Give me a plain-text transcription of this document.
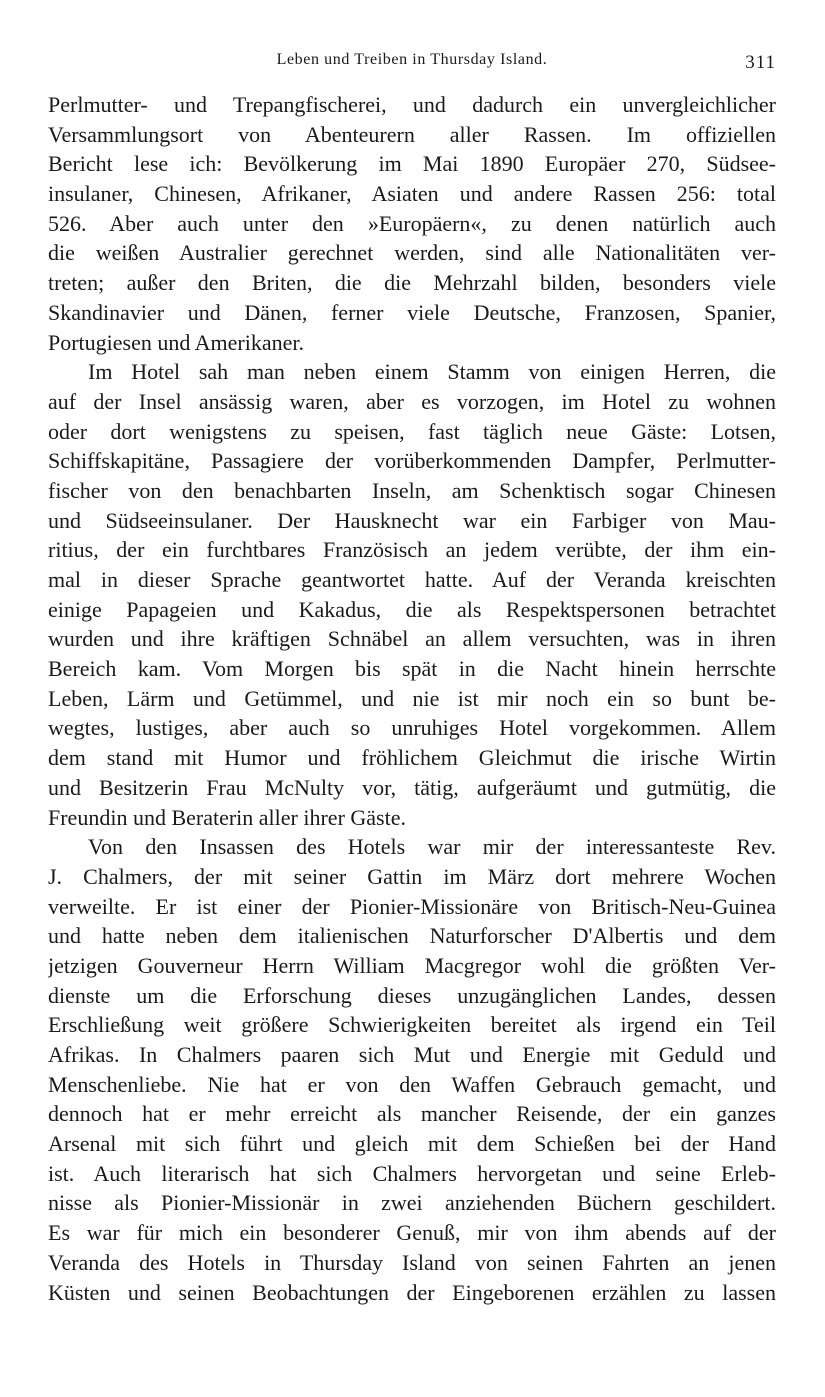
Leben und Treiben in Thursday Island.	311
Perlmutter- und Trepangfischerei, und dadurch ein unvergleichlicher
Versammlungsort von Abenteurern aller Rassen. Im offiziellen
Bericht lese ich: Bevölkerung im Mai 1890 Europäer 270, Südsee-
insulaner, Chinesen, Afrikaner, Asiaten und andere Rassen 256: total
526. Aber auch unter den »Europäern«, zu denen natürlich auch
die weißen Australier gerechnet werden, sind alle Nationalitäten ver-
treten; außer den Briten, die die Mehrzahl bilden, besonders viele
Skandinavier und Dänen, ferner viele Deutsche, Franzosen, Spanier,
Portugiesen und Amerikaner.
Im Hotel sah man neben einem Stamm von einigen Herren, die
auf der Insel ansässig waren, aber es vorzogen, im Hotel zu wohnen
oder dort wenigstens zu speisen, fast täglich neue Gäste: Lotsen,
Schiffskapitäne, Passagiere der vorüberkommenden Dampfer, Perlmutter-
fischer von den benachbarten Inseln, am Schenktisch sogar Chinesen
und Südseeinsulaner. Der Hausknecht war ein Farbiger von Mau-
ritius, der ein furchtbares Französisch an jedem verübte, der ihm ein-
mal in dieser Sprache geantwortet hatte. Auf der Veranda kreischten
einige Papageien und Kakadus, die als Respektspersonen betrachtet
wurden und ihre kräftigen Schnäbel an allem versuchten, was in ihren
Bereich kam. Vom Morgen bis spät in die Nacht hinein herrschte
Leben, Lärm und Getümmel, und nie ist mir noch ein so bunt be-
wegtes, lustiges, aber auch so unruhiges Hotel vorgekommen. Allem
dem stand mit Humor und fröhlichem Gleichmut die irische Wirtin
und Besitzerin Frau McNulty vor, tätig, aufgeräumt und gutmütig, die
Freundin und Beraterin aller ihrer Gäste.
Von den Insassen des Hotels war mir der interessanteste Rev.
J. Chalmers, der mit seiner Gattin im März dort mehrere Wochen
verweilte. Er ist einer der Pionier-Missionäre von Britisch-Neu-Guinea
und hatte neben dem italienischen Naturforscher D'Albertis und dem
jetzigen Gouverneur Herrn William Macgregor wohl die größten Ver-
dienste um die Erforschung dieses unzugänglichen Landes, dessen
Erschließung weit größere Schwierigkeiten bereitet als irgend ein Teil
Afrikas. In Chalmers paaren sich Mut und Energie mit Geduld und
Menschenliebe. Nie hat er von den Waffen Gebrauch gemacht, und
dennoch hat er mehr erreicht als mancher Reisende, der ein ganzes
Arsenal mit sich führt und gleich mit dem Schießen bei der Hand
ist. Auch literarisch hat sich Chalmers hervorgetan und seine Erleb-
nisse als Pionier-Missionär in zwei anziehenden Büchern geschildert.
Es war für mich ein besonderer Genuß, mir von ihm abends auf der
Veranda des Hotels in Thursday Island von seinen Fahrten an jenen
Küsten und seinen Beobachtungen der Eingeborenen erzählen zu lassen
